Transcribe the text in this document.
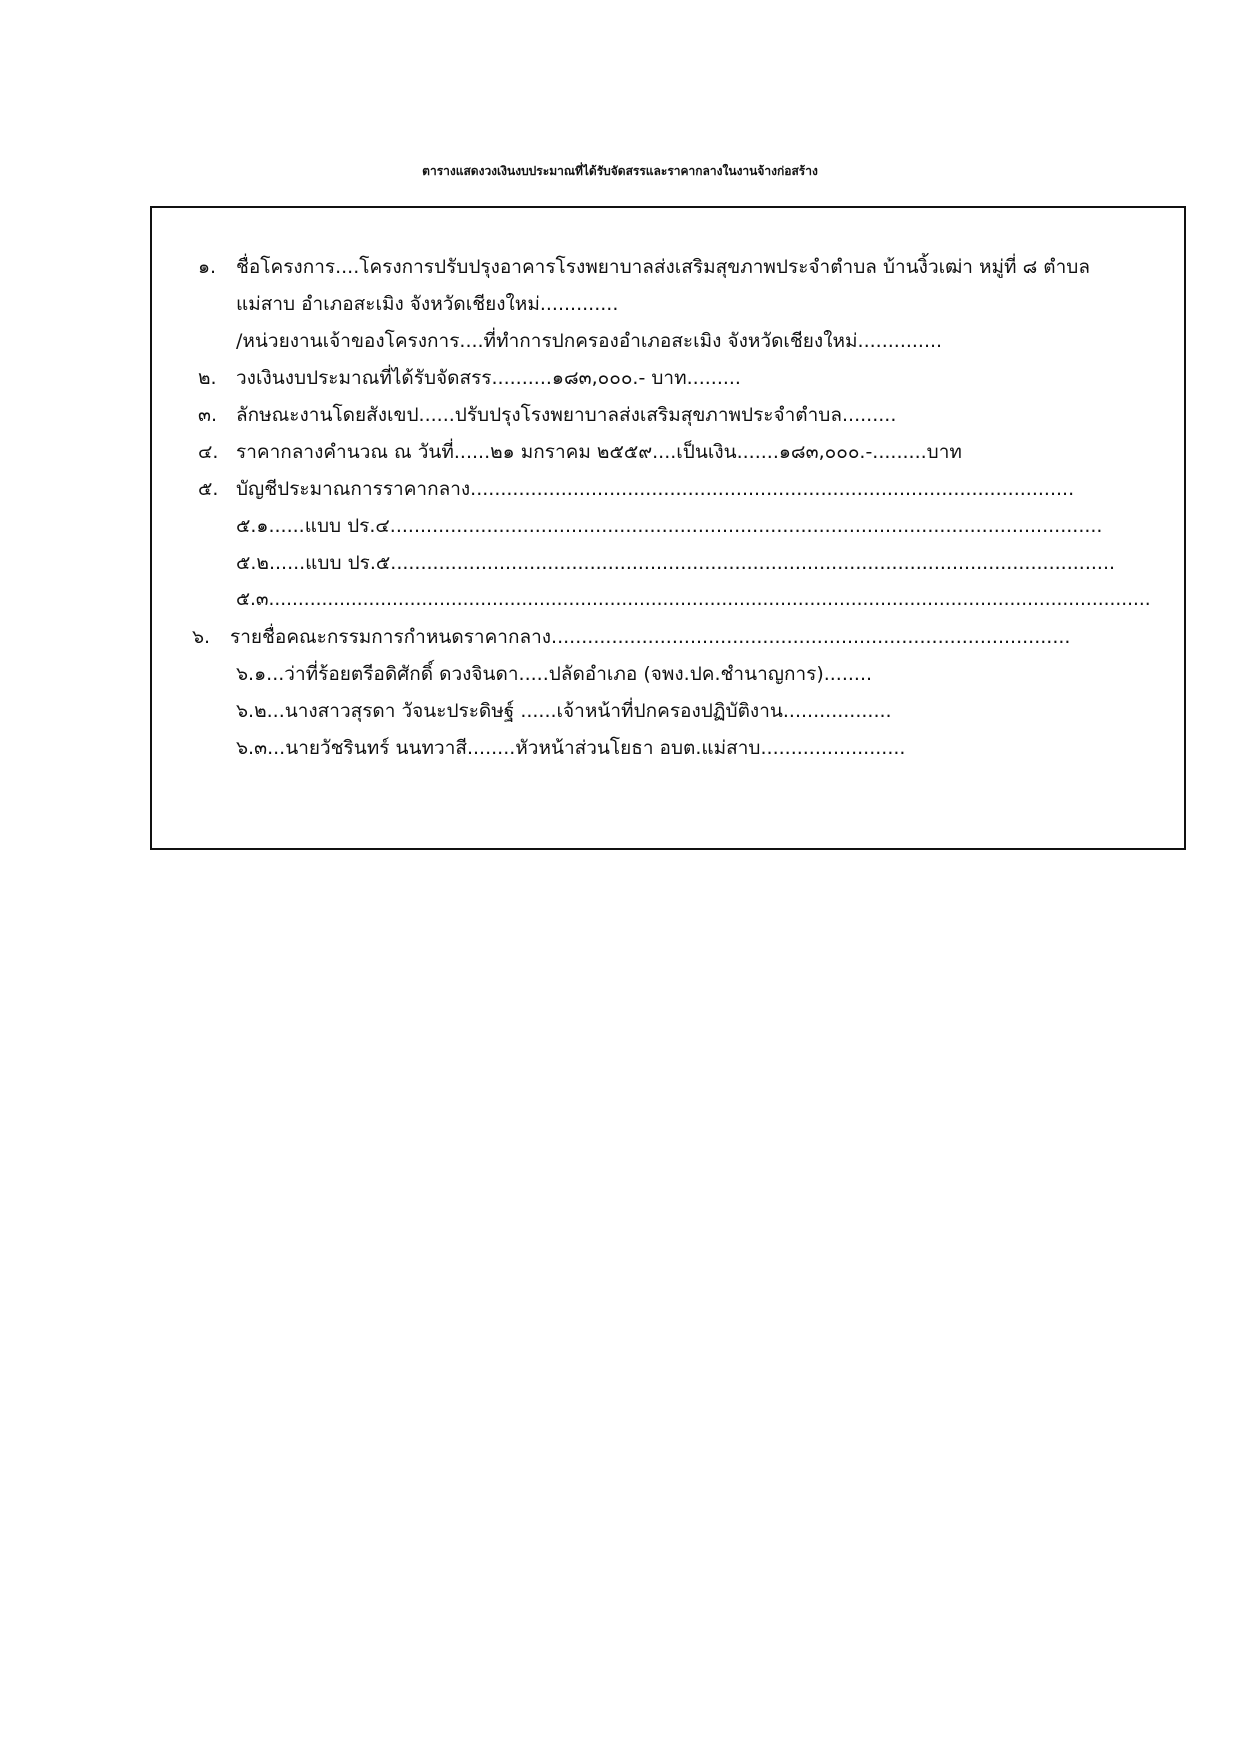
ตารางแสดงวงเงินงบประมาณที่ได้รับจัดสรรและราคากลางในงานจ้างก่อสร้าง
๑. ชื่อโครงการ....โครงการปรับปรุงอาคารโรงพยาบาลส่งเสริมสุขภาพประจำตำบล บ้านงิ้วเฒ่า หมู่ที่ ๘ ตำบล
แม่สาบ อำเภอสะเมิง จังหวัดเชียงใหม่.............
/หน่วยงานเจ้าของโครงการ....ที่ทำการปกครองอำเภอสะเมิง จังหวัดเชียงใหม่..............
๒. วงเงินงบประมาณที่ได้รับจัดสรร..........๑๘๓,๐๐๐.- บาท.........
๓. ลักษณะงานโดยสังเขป......ปรับปรุงโรงพยาบาลส่งเสริมสุขภาพประจำตำบล.........
๔. ราคากลางคำนวณ ณ วันที่......๒๑ มกราคม ๒๕๕๙....เป็นเงิน.......๑๘๓,๐๐๐.-.........บาท
๕. บัญชีประมาณการราคากลาง....................................................................................................
๕.๑......แบบ ปร.๔......................................................................................................................
๕.๒......แบบ ปร.๕........................................................................................................................
๕.๓......................................................................................................................................................
๖. รายชื่อคณะกรรมการกำหนดราคากลาง......................................................................................
๖.๑...ว่าที่ร้อยตรีอดิศักดิ์ ดวงจินดา.....ปลัดอำเภอ (จพง.ปค.ชำนาญการ)........
๖.๒...นางสาวสุรดา วัจนะประดิษฐ์ ......เจ้าหน้าที่ปกครองปฏิบัติงาน..................
๖.๓...นายวัชรินทร์ นนทวาสี........หัวหน้าส่วนโยธา อบต.แม่สาบ........................
